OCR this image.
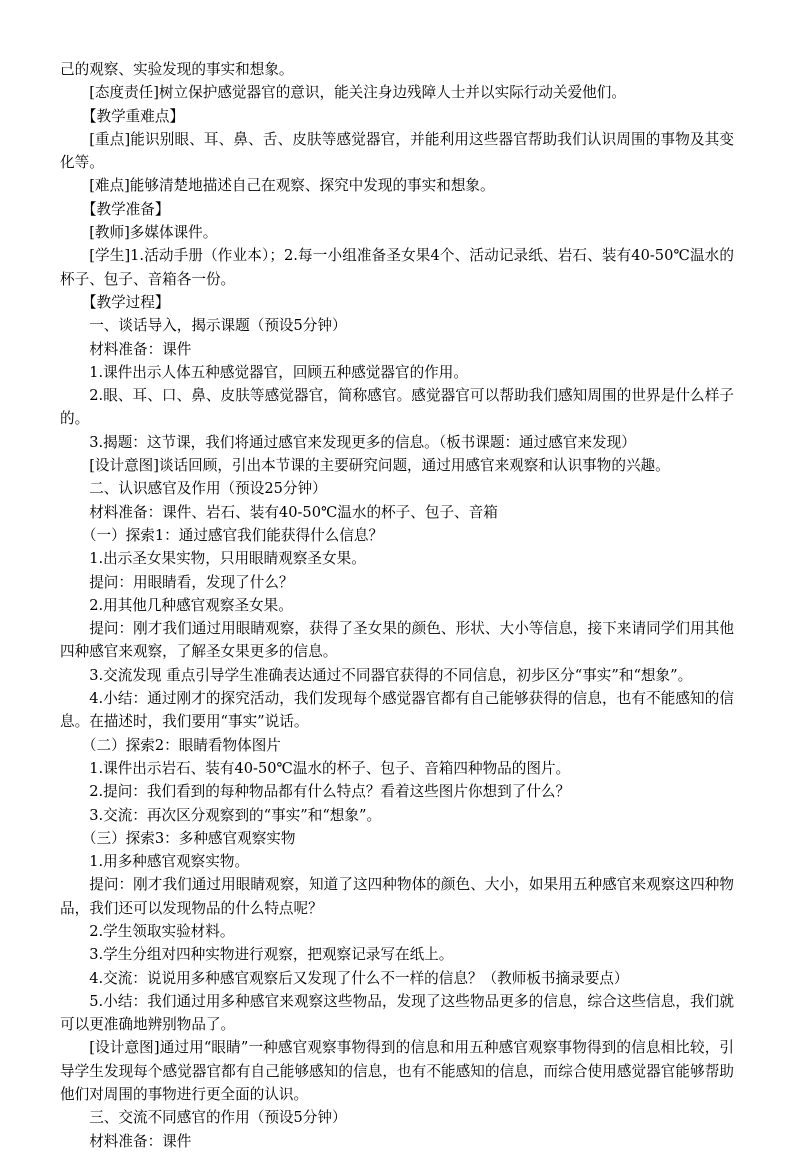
己的观察、实验发现的事实和想象。

[态度责任]树立保护感觉器官的意识，能关注身边残障人士并以实际行动关爱他们。

【教学重难点】

[重点]能识别眼、耳、鼻、舌、皮肤等感觉器官，并能利用这些器官帮助我们认识周围的事物及其变化等。

[难点]能够清楚地描述自己在观察、探究中发现的事实和想象。

【教学准备】

[教师]多媒体课件。

[学生]1.活动手册（作业本）；2.每一小组准备圣女果4个、活动记录纸、岩石、装有40-50℃温水的杯子、包子、音箱各一份。

【教学过程】

一、谈话导入，揭示课题（预设5分钟）

材料准备：课件

1.课件出示人体五种感觉器官，回顾五种感觉器官的作用。

2.眼、耳、口、鼻、皮肤等感觉器官，简称感官。感觉器官可以帮助我们感知周围的世界是什么样子的。

3.揭题：这节课，我们将通过感官来发现更多的信息。（板书课题：通过感官来发现）

[设计意图]谈话回顾，引出本节课的主要研究问题，通过用感官来观察和认识事物的兴趣。

二、认识感官及作用（预设25分钟）

材料准备：课件、岩石、装有40-50℃温水的杯子、包子、音箱

（一）探索1：通过感官我们能获得什么信息？

1.出示圣女果实物，只用眼睛观察圣女果。

提问：用眼睛看，发现了什么？

2.用其他几种感官观察圣女果。

提问：刚才我们通过用眼睛观察，获得了圣女果的颜色、形状、大小等信息，接下来请同学们用其他四种感官来观察，了解圣女果更多的信息。

3.交流发现 重点引导学生准确表达通过不同器官获得的不同信息，初步区分“事实”和“想象”。

4.小结：通过刚才的探究活动，我们发现每个感觉器官都有自己能够获得的信息，也有不能感知的信息。在描述时，我们要用“事实”说话。

（二）探索2：眼睛看物体图片

1.课件出示岩石、装有40-50℃温水的杯子、包子、音箱四种物品的图片。

2.提问：我们看到的每种物品都有什么特点？看着这些图片你想到了什么？

3.交流：再次区分观察到的“事实”和“想象”。

（三）探索3：多种感官观察实物

1.用多种感官观察实物。

提问：刚才我们通过用眼睛观察，知道了这四种物体的颜色、大小，如果用五种感官来观察这四种物品，我们还可以发现物品的什么特点呢？

2.学生领取实验材料。

3.学生分组对四种实物进行观察，把观察记录写在纸上。

4.交流：说说用多种感官观察后又发现了什么不一样的信息？（教师板书摘录要点）

5.小结：我们通过用多种感官来观察这些物品，发现了这些物品更多的信息，综合这些信息，我们就可以更准确地辨别物品了。

[设计意图]通过用“眼睛”一种感官观察事物得到的信息和用五种感官观察事物得到的信息相比较，引导学生发现每个感觉器官都有自己能够感知的信息，也有不能感知的信息，而综合使用感觉器官能够帮助他们对周围的事物进行更全面的认识。

三、交流不同感官的作用（预设5分钟）

材料准备：课件
